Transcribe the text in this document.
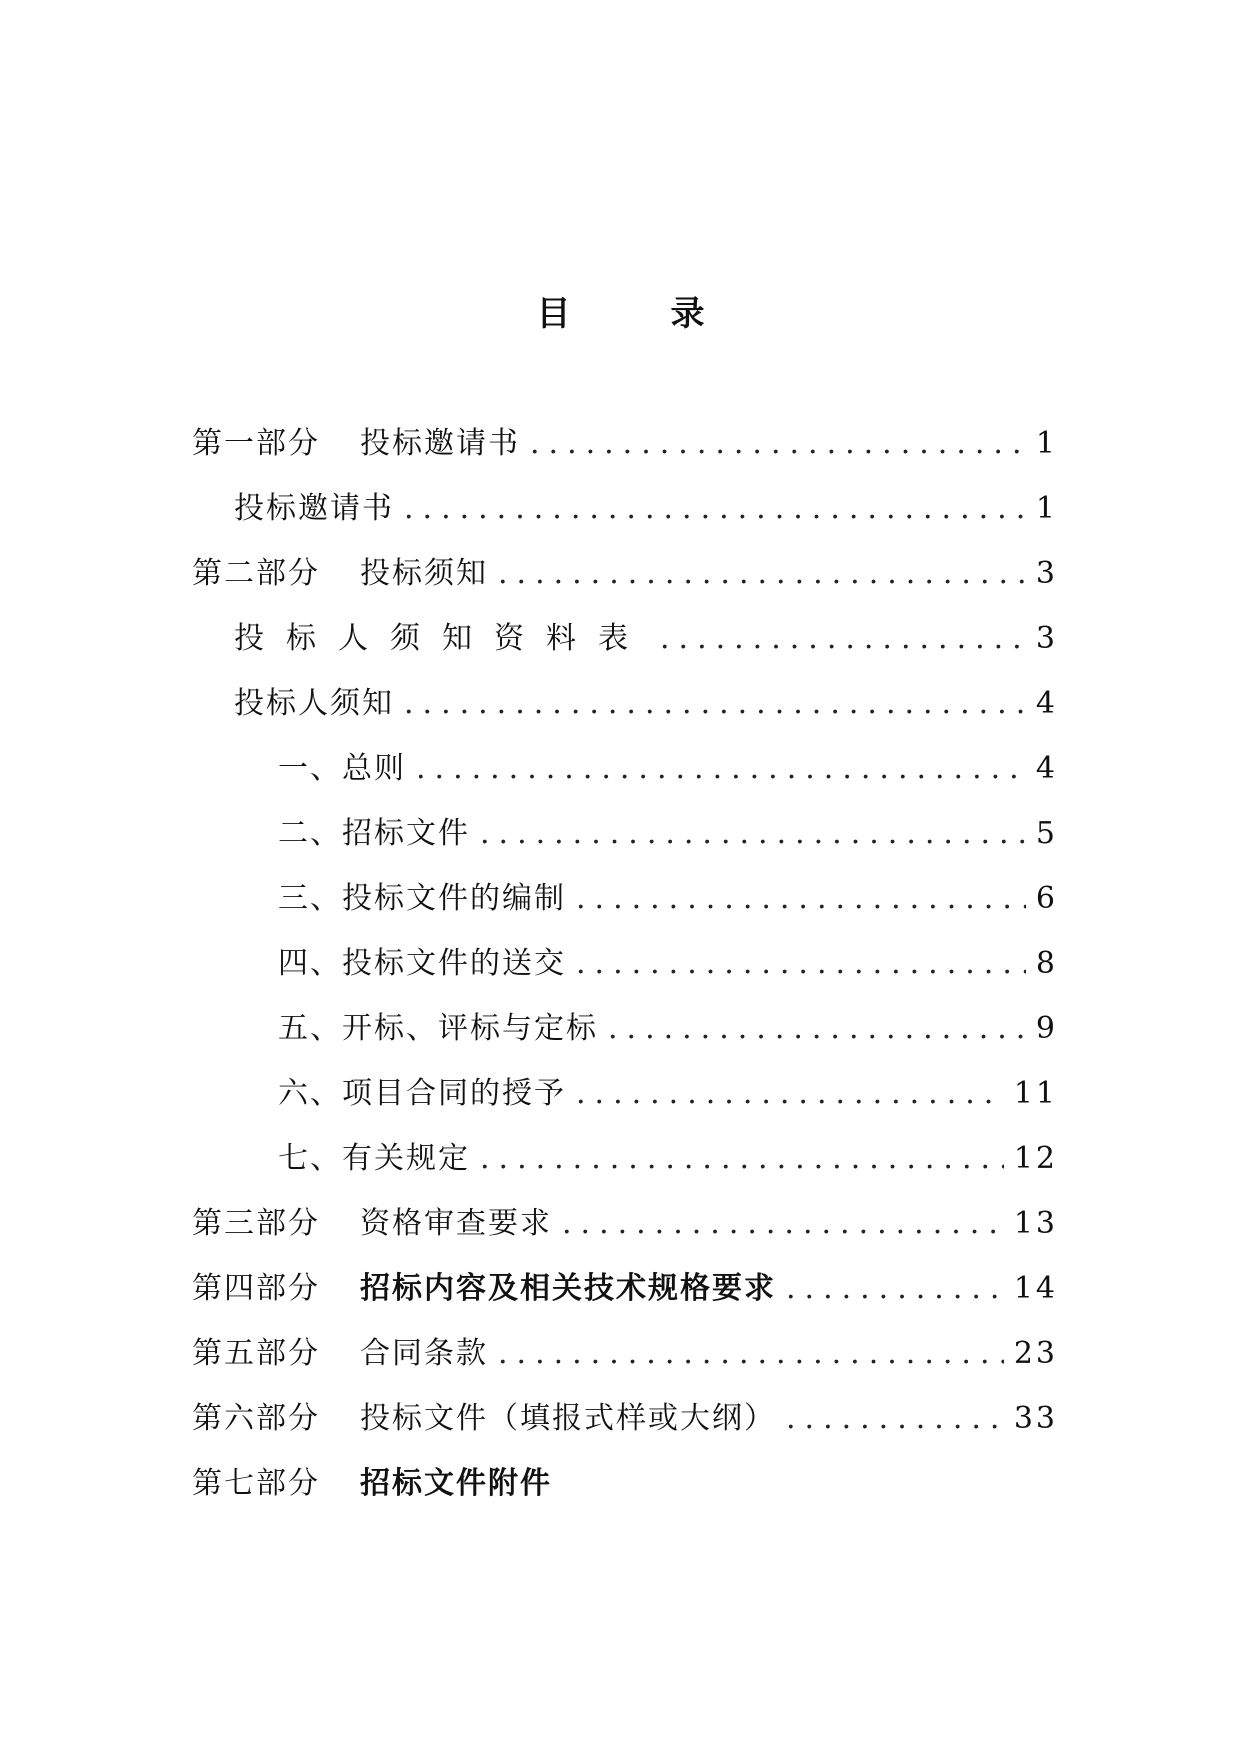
目	录
第一部分 投标邀请书 .....	1
投标邀请书 .....	1
第二部分 投标须知 .....	3
投标人须知资料表 .....	3
投标人须知 .....	4
一、总则 .....	4
二、招标文件 .....	5
三、投标文件的编制 .....	6
四、投标文件的送交 .....	8
五、开标、评标与定标 .....	9
六、项目合同的授予 .....	11
七、有关规定 .....	12
第三部分 资格审查要求 .....	13
第四部分 招标内容及相关技术规格要求 .....	14
第五部分 合同条款 .....	23
第六部分 投标文件（填报式样或大纲） .....	33
第七部分 招标文件附件
